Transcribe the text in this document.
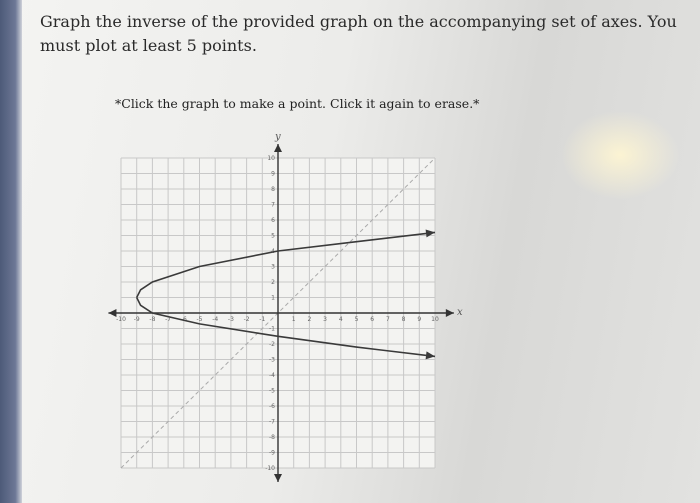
Graph the inverse of the provided graph on the accompanying set of axes. You must plot at least 5 points.
*Click the graph to make a point. Click it again to erase.*
x
y
-10 -9 -8 -7 -6 -5 -4 -3 -2 -1	1 2 3 4 5 6 7 8 9 10
-10
-9
-8
-7
-6
-5
-4
-3
-2
-1
1
2
3
4
5
6
7
8
9
10
